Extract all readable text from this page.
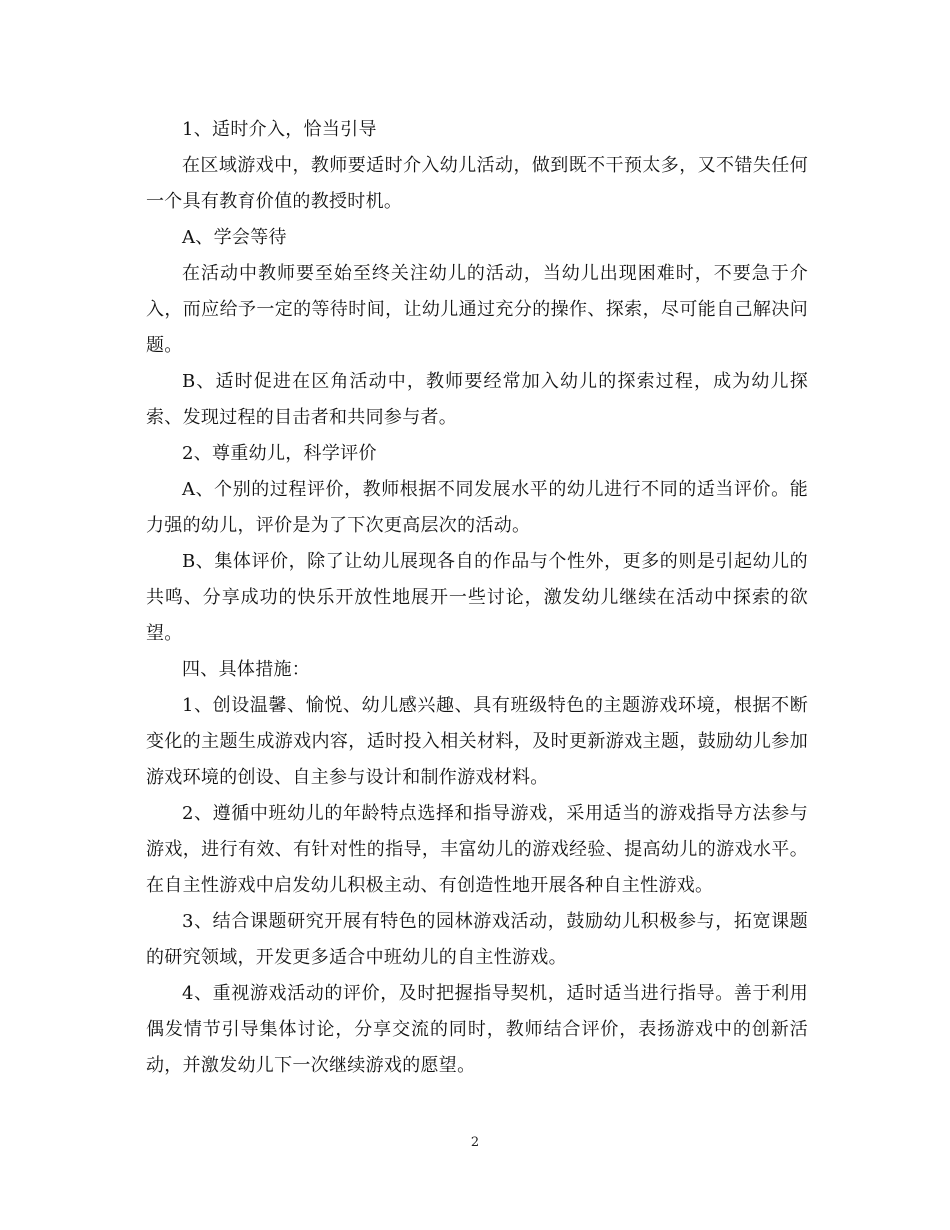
1、适时介入，恰当引导

在区域游戏中，教师要适时介入幼儿活动，做到既不干预太多，又不错失任何一个具有教育价值的教授时机。

A、学会等待

在活动中教师要至始至终关注幼儿的活动，当幼儿出现困难时，不要急于介入，而应给予一定的等待时间，让幼儿通过充分的操作、探索，尽可能自己解决问题。

B、适时促进在区角活动中，教师要经常加入幼儿的探索过程，成为幼儿探索、发现过程的目击者和共同参与者。

2、尊重幼儿，科学评价

A、个别的过程评价，教师根据不同发展水平的幼儿进行不同的适当评价。能力强的幼儿，评价是为了下次更高层次的活动。

B、集体评价，除了让幼儿展现各自的作品与个性外，更多的则是引起幼儿的共鸣、分享成功的快乐开放性地展开一些讨论，激发幼儿继续在活动中探索的欲望。

四、具体措施：

1、创设温馨、愉悦、幼儿感兴趣、具有班级特色的主题游戏环境，根据不断变化的主题生成游戏内容，适时投入相关材料，及时更新游戏主题，鼓励幼儿参加游戏环境的创设、自主参与设计和制作游戏材料。

2、遵循中班幼儿的年龄特点选择和指导游戏，采用适当的游戏指导方法参与游戏，进行有效、有针对性的指导，丰富幼儿的游戏经验、提高幼儿的游戏水平。在自主性游戏中启发幼儿积极主动、有创造性地开展各种自主性游戏。

3、结合课题研究开展有特色的园林游戏活动，鼓励幼儿积极参与，拓宽课题的研究领域，开发更多适合中班幼儿的自主性游戏。

4、重视游戏活动的评价，及时把握指导契机，适时适当进行指导。善于利用偶发情节引导集体讨论，分享交流的同时，教师结合评价，表扬游戏中的创新活动，并激发幼儿下一次继续游戏的愿望。

2
